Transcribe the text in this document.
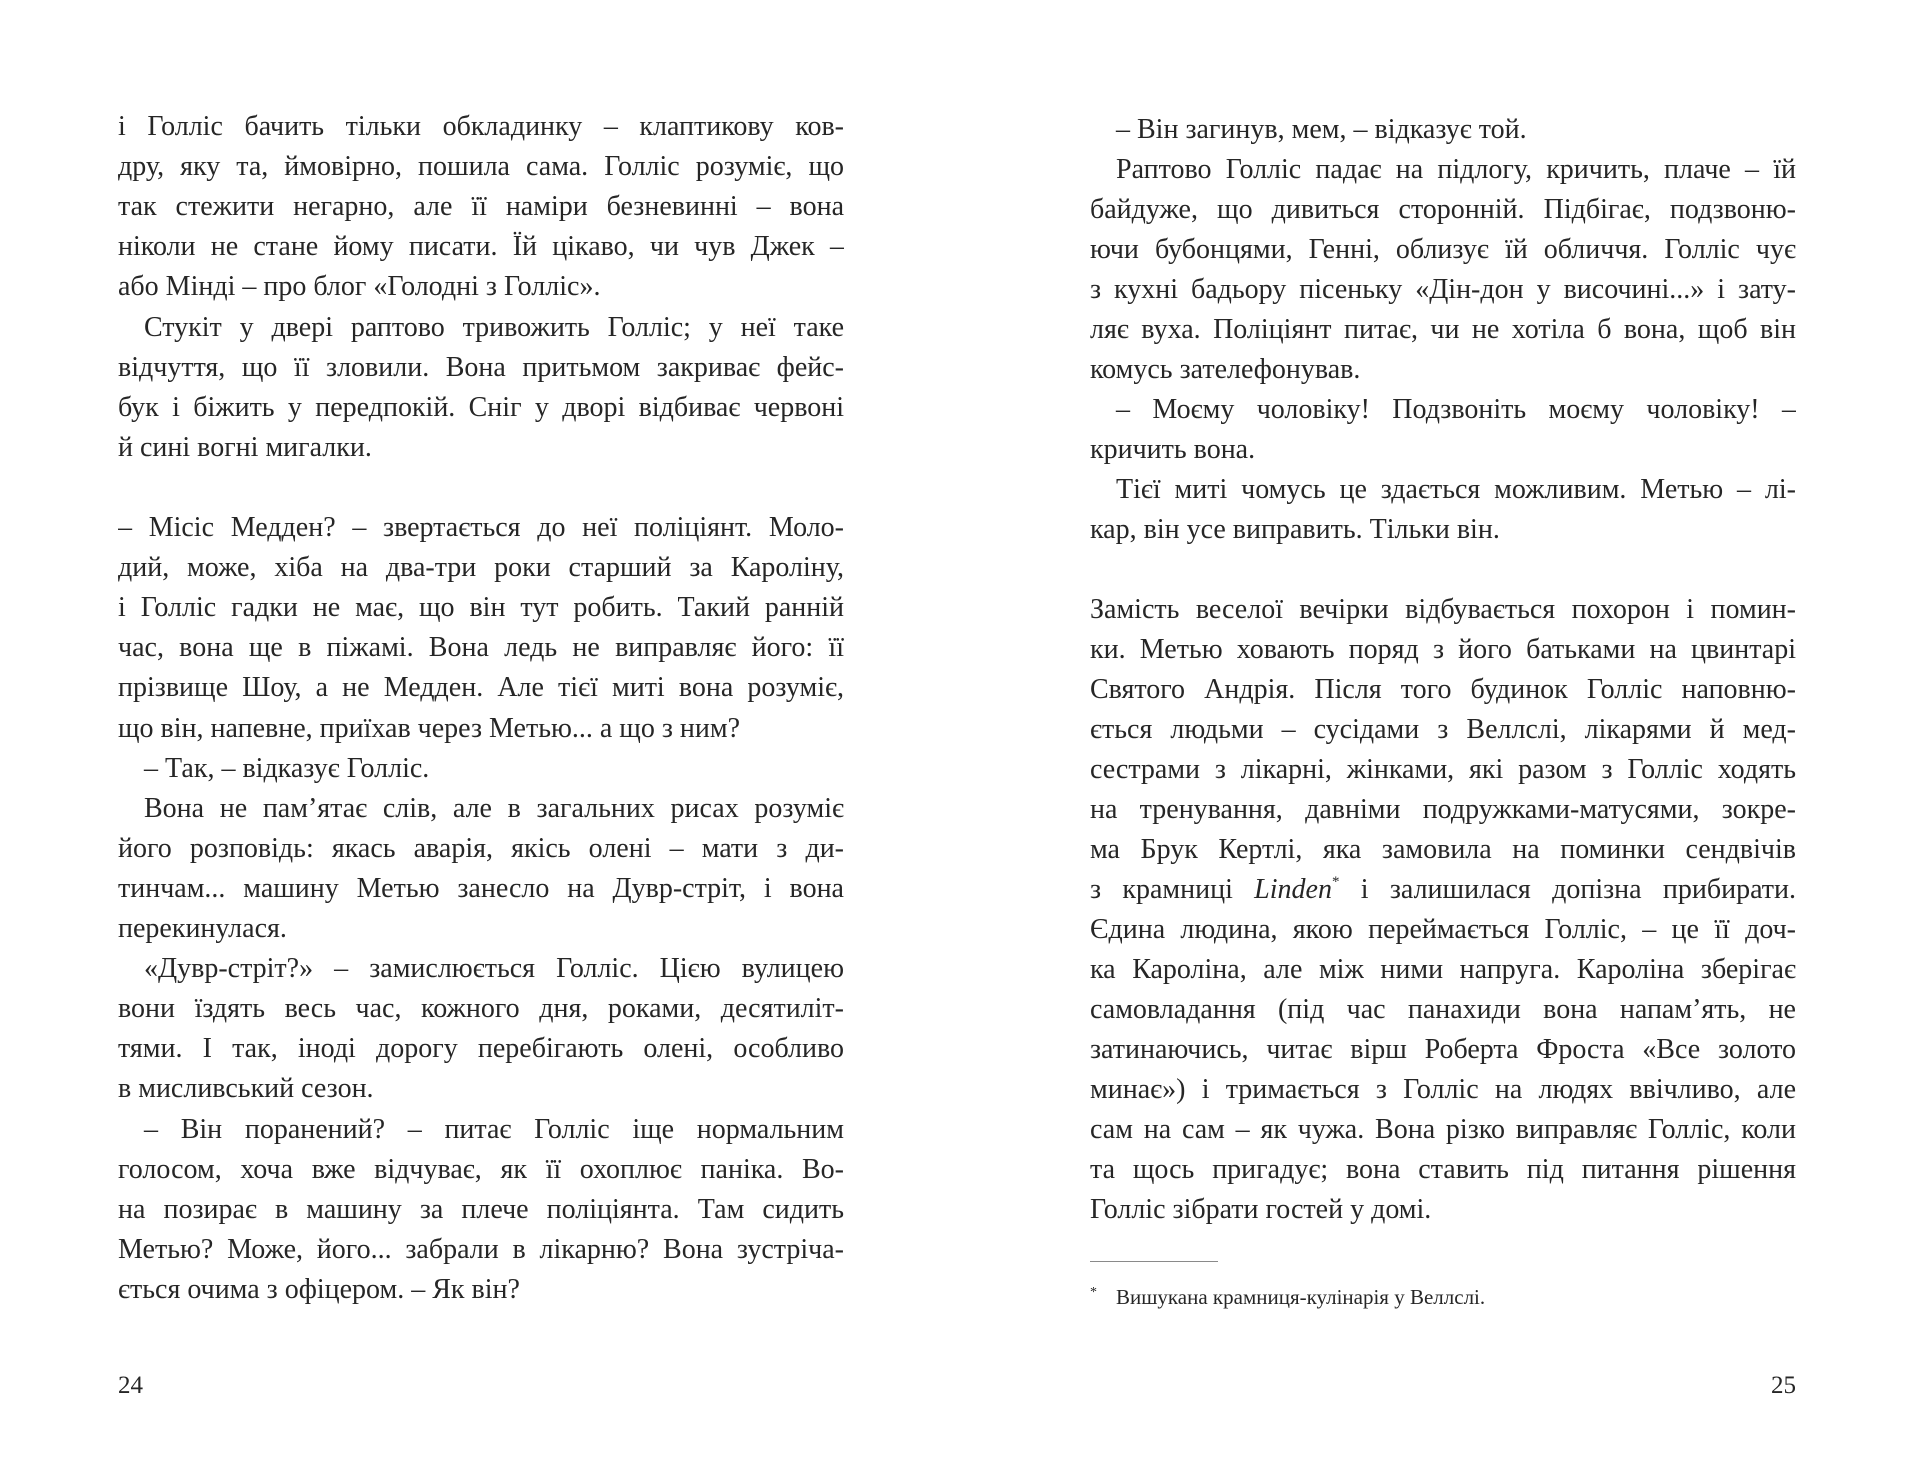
і Голліс бачить тільки обкладинку – клаптикову ков-
дру, яку та, ймовірно, пошила сама. Голліс розуміє, що
так стежити негарно, але її наміри безневинні – вона
ніколи не стане йому писати. Їй цікаво, чи чув Джек –
або Мінді – про блог «Голодні з Голліс».
Стукіт у двері раптово тривожить Голліс; у неї таке
відчуття, що її зловили. Вона притьмом закриває фейс-
бук і біжить у передпокій. Сніг у дворі відбиває червоні
й сині вогні мигалки.
– Місіс Медден? – звертається до неї поліціянт. Моло-
дий, може, хіба на два-три роки старший за Кароліну,
і Голліс гадки не має, що він тут робить. Такий ранній
час, вона ще в піжамі. Вона ледь не виправляє його: її
прізвище Шоу, а не Медден. Але тієї миті вона розуміє,
що він, напевне, приїхав через Метью... а що з ним?
– Так, – відказує Голліс.
Вона не пам’ятає слів, але в загальних рисах розуміє
його розповідь: якась аварія, якісь олені – мати з ди-
тинчам... машину Метью занесло на Дувр-стріт, і вона
перекинулася.
«Дувр-стріт?» – замислюється Голліс. Цією вулицею
вони їздять весь час, кожного дня, роками, десятиліт-
тями. І так, іноді дорогу перебігають олені, особливо
в мисливський сезон.
– Він поранений? – питає Голліс іще нормальним
голосом, хоча вже відчуває, як її охоплює паніка. Во-
на позирає в машину за плече поліціянта. Там сидить
Метью? Може, його... забрали в лікарню? Вона зустріча-
ється очима з офіцером. – Як він?
24
– Він загинув, мем, – відказує той.
Раптово Голліс падає на підлогу, кричить, плаче – їй
байдуже, що дивиться сторонній. Підбігає, подзвоню-
ючи бубонцями, Генні, облизує їй обличчя. Голліс чує
з кухні бадьору пісеньку «Дін-дон у височині...» і зату-
ляє вуха. Поліціянт питає, чи не хотіла б вона, щоб він
комусь зателефонував.
– Моєму чоловіку! Подзвоніть моєму чоловіку! –
кричить вона.
Тієї миті чомусь це здається можливим. Метью – лі-
кар, він усе виправить. Тільки він.
Замість веселої вечірки відбувається похорон і помин-
ки. Метью ховають поряд з його батьками на цвинтарі
Святого Андрія. Після того будинок Голліс наповню-
ється людьми – сусідами з Веллслі, лікарями й мед-
сестрами з лікарні, жінками, які разом з Голліс ходять
на тренування, давніми подружками-матусями, зокре-
ма Брук Кертлі, яка замовила на поминки сендвічів
з крамниці Linden* і залишилася допізна прибирати.
Єдина людина, якою переймається Голліс, – це її доч-
ка Кароліна, але між ними напруга. Кароліна зберігає
самовладання (під час панахиди вона напам’ять, не
затинаючись, читає вірш Роберта Фроста «Все золото
минає») і тримається з Голліс на людях ввічливо, але
сам на сам – як чужа. Вона різко виправляє Голліс, коли
та щось пригадує; вона ставить під питання рішення
Голліс зібрати гостей у домі.
* Вишукана крамниця-кулінарія у Веллслі.
25
